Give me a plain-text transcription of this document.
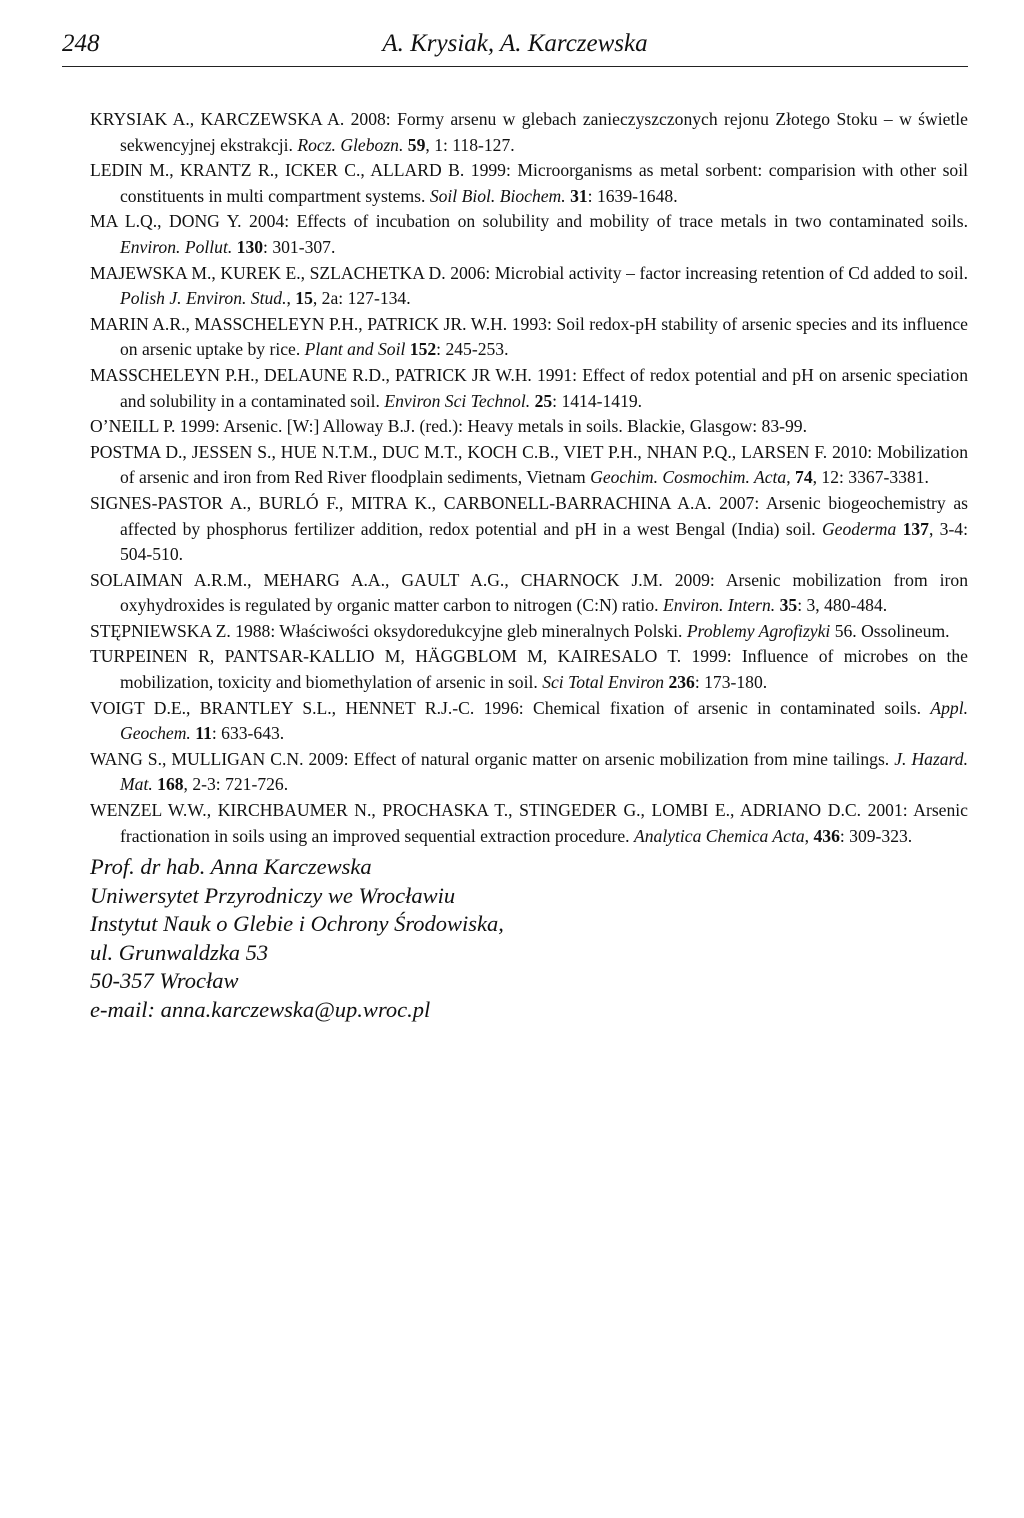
248	A. Krysiak, A. Karczewska

KRYSIAK A., KARCZEWSKA A. 2008: Formy arsenu w glebach zanieczyszczonych rejonu Złotego Stoku – w świetle sekwencyjnej ekstrakcji. Rocz. Glebozn. 59, 1: 118-127.

LEDIN M., KRANTZ R., ICKER C., ALLARD B. 1999: Microorganisms as metal sorbent: comparision with other soil constituents in multi compartment systems. Soil Biol. Biochem. 31: 1639-1648.

MA L.Q., DONG Y. 2004: Effects of incubation on solubility and mobility of trace metals in two contaminated soils. Environ. Pollut. 130: 301-307.

MAJEWSKA M., KUREK E., SZLACHETKA D. 2006: Microbial activity – factor increasing retention of Cd added to soil. Polish J. Environ. Stud., 15, 2a: 127-134.

MARIN A.R., MASSCHELEYN P.H., PATRICK JR. W.H. 1993: Soil redox-pH stability of arsenic species and its influence on arsenic uptake by rice. Plant and Soil 152: 245-253.

MASSCHELEYN P.H., DELAUNE R.D., PATRICK JR W.H. 1991: Effect of redox potential and pH on arsenic speciation and solubility in a contaminated soil. Environ Sci Technol. 25: 1414-1419.

O’NEILL P. 1999: Arsenic. [W:] Alloway B.J. (red.): Heavy metals in soils. Blackie, Glasgow: 83-99.

POSTMA D., JESSEN S., HUE N.T.M., DUC M.T., KOCH C.B., VIET P.H., NHAN P.Q., LARSEN F. 2010: Mobilization of arsenic and iron from Red River floodplain sediments, Vietnam Geochim. Cosmochim. Acta, 74, 12: 3367-3381.

SIGNES-PASTOR A., BURLÓ F., MITRA K., CARBONELL-BARRACHINA A.A. 2007: Arsenic biogeochemistry as affected by phosphorus fertilizer addition, redox potential and pH in a west Bengal (India) soil. Geoderma 137, 3-4: 504-510.

SOLAIMAN A.R.M., MEHARG A.A., GAULT A.G., CHARNOCK J.M. 2009: Arsenic mobilization from iron oxyhydroxides is regulated by organic matter carbon to nitrogen (C:N) ratio. Environ. Intern. 35: 3, 480-484.

STĘPNIEWSKA Z. 1988: Właściwości oksydoredukcyjne gleb mineralnych Polski. Problemy Agrofizyki 56. Ossolineum.

TURPEINEN R, PANTSAR-KALLIO M, HÄGGBLOM M, KAIRESALO T. 1999: Influence of microbes on the mobilization, toxicity and biomethylation of arsenic in soil. Sci Total Environ 236: 173-180.

VOIGT D.E., BRANTLEY S.L., HENNET R.J.-C. 1996: Chemical fixation of arsenic in contaminated soils. Appl. Geochem. 11: 633-643.

WANG S., MULLIGAN C.N. 2009: Effect of natural organic matter on arsenic mobilization from mine tailings. J. Hazard. Mat. 168, 2-3: 721-726.

WENZEL W.W., KIRCHBAUMER N., PROCHASKA T., STINGEDER G., LOMBI E., ADRIANO D.C. 2001: Arsenic fractionation in soils using an improved sequential extraction procedure. Analytica Chemica Acta, 436: 309-323.

Prof. dr hab. Anna Karczewska
Uniwersytet Przyrodniczy we Wrocławiu
Instytut Nauk o Glebie i Ochrony Środowiska,
ul. Grunwaldzka 53
50-357 Wrocław
e-mail: anna.karczewska@up.wroc.pl
